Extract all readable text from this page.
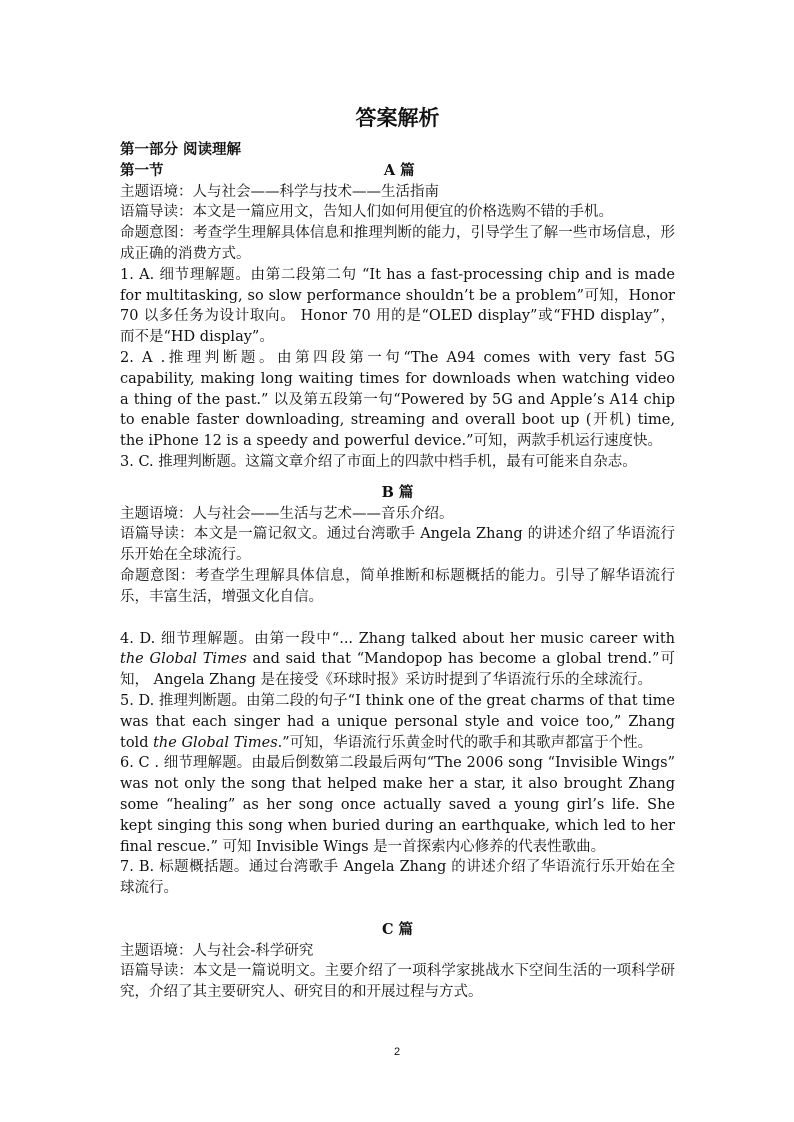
答案解析
第一部分 阅读理解
第一节	A 篇

主题语境：人与社会——科学与技术——生活指南

语篇导读：本文是一篇应用文，告知人们如何用便宜的价格选购不错的手机。

命题意图：考查学生理解具体信息和推理判断的能力，引导学生了解一些市场信息，形成正确的消费方式。

1. A. 细节理解题。由第二段第二句 “It has a fast-processing chip and is made for multitasking, so slow performance shouldn’t be a problem”可知，Honor 70 以多任务为设计取向。 Honor 70 用的是“OLED display”或“FHD display”， 而不是“HD display”。

2. A .推理判断题。由第四段第一句“The A94 comes with very fast 5G capability, making long waiting times for downloads when watching video a thing of the past.” 以及第五段第一句“Powered by 5G and Apple’s A14 chip to enable faster downloading, streaming and overall boot up (开机) time, the iPhone 12 is a speedy and powerful device.”可知，两款手机运行速度快。

3. C. 推理判断题。这篇文章介绍了市面上的四款中档手机，最有可能来自杂志。

B 篇

主题语境：人与社会——生活与艺术——音乐介绍。

语篇导读：本文是一篇记叙文。通过台湾歌手 Angela Zhang 的讲述介绍了华语流行乐开始在全球流行。

命题意图：考查学生理解具体信息，简单推断和标题概括的能力。引导了解华语流行乐，丰富生活，增强文化自信。

4. D. 细节理解题。由第一段中“... Zhang talked about her music career with the Global Times and said that “Mandopop has become a global trend.”可知， Angela Zhang 是在接受《环球时报》采访时提到了华语流行乐的全球流行。

5. D. 推理判断题。由第二段的句子“I think one of the great charms of that time was that each singer had a unique personal style and voice too,” Zhang told the Global Times.”可知，华语流行乐黄金时代的歌手和其歌声都富于个性。

6. C . 细节理解题。由最后倒数第二段最后两句“The 2006 song “Invisible Wings” was not only the song that helped make her a star, it also brought Zhang some “healing” as her song once actually saved a young girl’s life. She kept singing this song when buried during an earthquake, which led to her final rescue.” 可知 Invisible Wings 是一首探索内心修养的代表性歌曲。

7. B. 标题概括题。通过台湾歌手 Angela Zhang 的讲述介绍了华语流行乐开始在全球流行。

C 篇

主题语境：人与社会-科学研究

语篇导读：本文是一篇说明文。主要介绍了一项科学家挑战水下空间生活的一项科学研究，介绍了其主要研究人、研究目的和开展过程与方式。

2
